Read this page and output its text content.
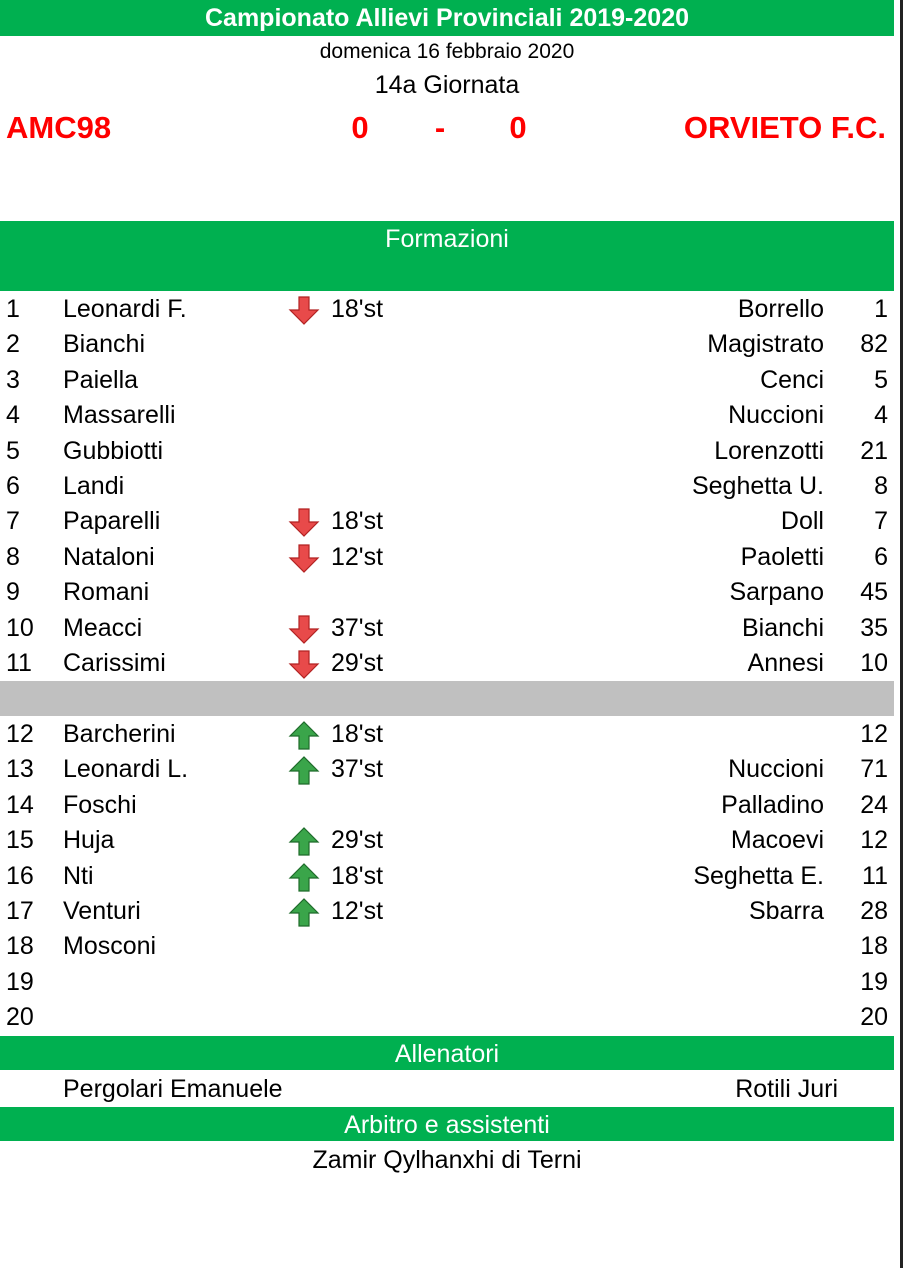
Campionato Allievi Provinciali 2019-2020
domenica 16 febbraio 2020
14a Giornata
AMC98	0	-	0	ORVIETO F.C.
Formazioni
1 Leonardi F.	18'st	Borrello 1
2 Bianchi	Magistrato 82
3 Paiella	Cenci 5
4 Massarelli	Nuccioni 4
5 Gubbiotti	Lorenzotti 21
6 Landi	Seghetta U. 8
7 Paparelli	18'st	Doll 7
8 Nataloni	12'st	Paoletti 6
9 Romani	Sarpano 45
10 Meacci	37'st	Bianchi 35
11 Carissimi	29'st	Annesi 10
12 Barcherini	18'st	12
13 Leonardi L.	37'st	Nuccioni 71
14 Foschi	Palladino 24
15 Huja	29'st	Macoevi 12
16 Nti	18'st	Seghetta E. 11
17 Venturi	12'st	Sbarra 28
18 Mosconi	18
19	19
20	20
Allenatori
Pergolari Emanuele	Rotili Juri
Arbitro e assistenti
Zamir Qylhanxhi di Terni
